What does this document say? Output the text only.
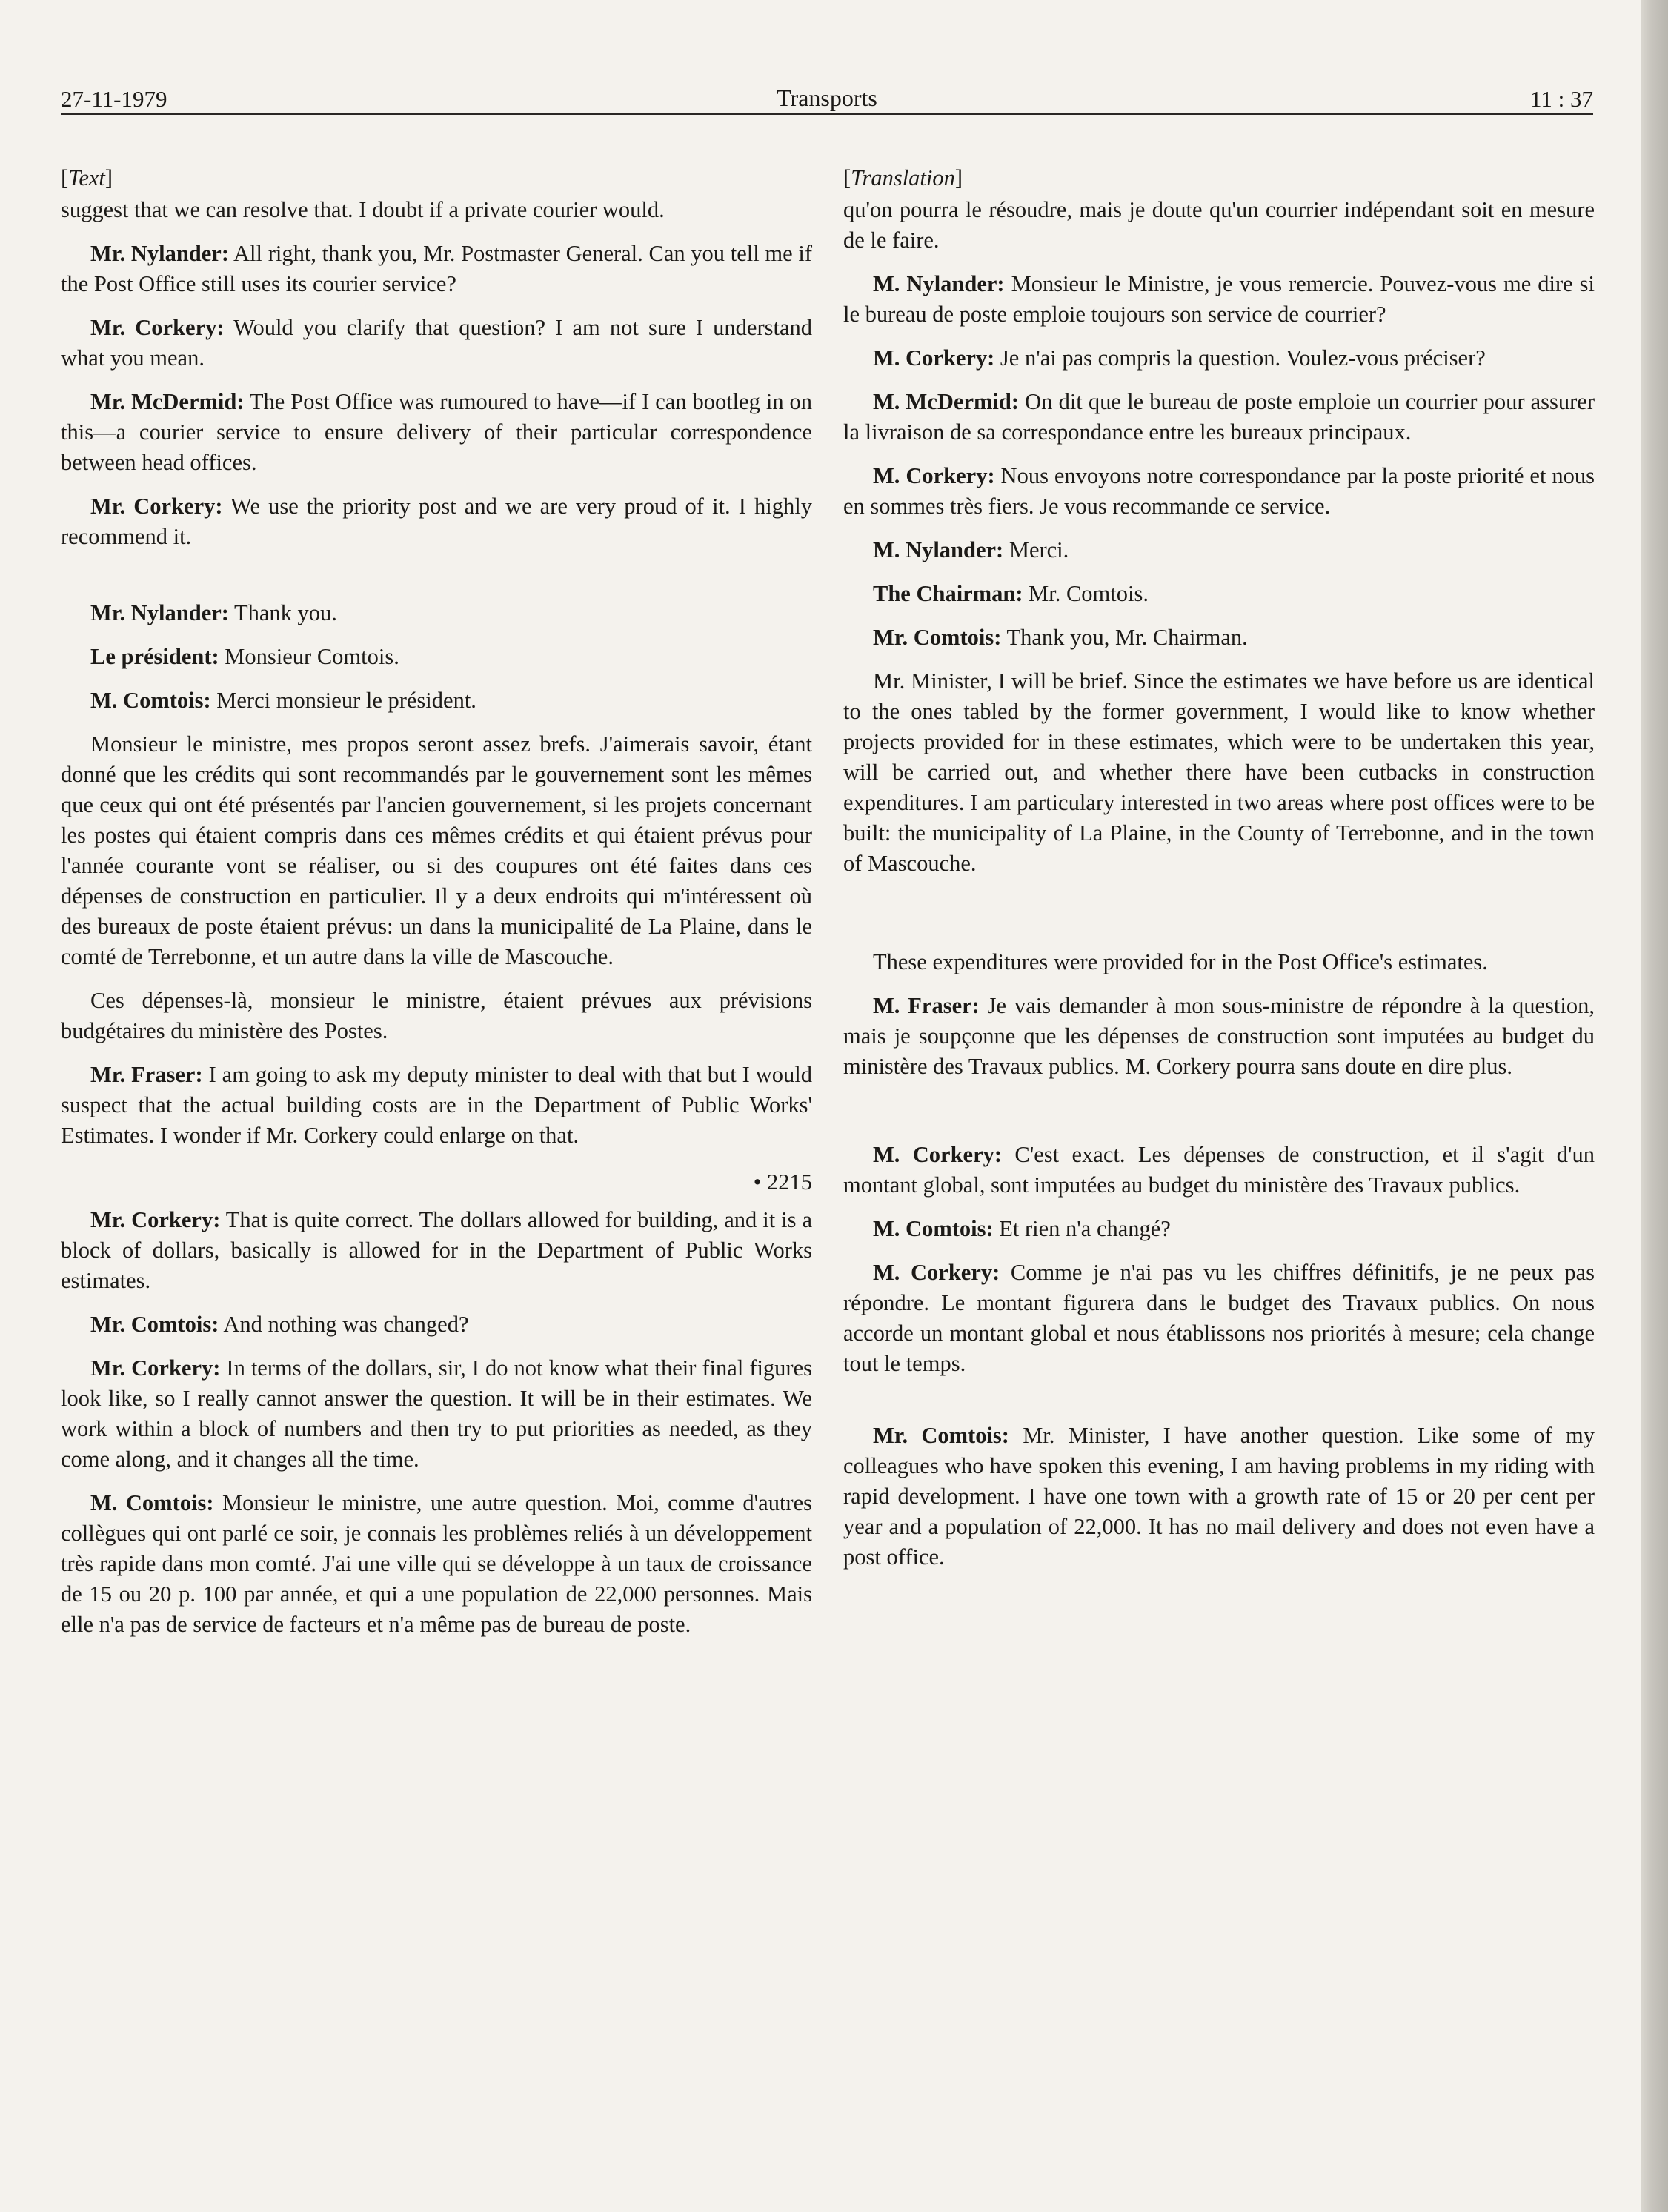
27-11-1979	Transports	11 : 37
[Text]

suggest that we can resolve that. I doubt if a private courier would.

Mr. Nylander: All right, thank you, Mr. Postmaster General. Can you tell me if the Post Office still uses its courier service?

Mr. Corkery: Would you clarify that question? I am not sure I understand what you mean.

Mr. McDermid: The Post Office was rumoured to have—if I can bootleg in on this—a courier service to ensure delivery of their particular correspondence between head offices.

Mr. Corkery: We use the priority post and we are very proud of it. I highly recommend it.

Mr. Nylander: Thank you.

Le président: Monsieur Comtois.

M. Comtois: Merci monsieur le président.

Monsieur le ministre, mes propos seront assez brefs. J'aimerais savoir, étant donné que les crédits qui sont recommandés par le gouvernement sont les mêmes que ceux qui ont été présentés par l'ancien gouvernement, si les projets concernant les postes qui étaient compris dans ces mêmes crédits et qui étaient prévus pour l'année courante vont se réaliser, ou si des coupures ont été faites dans ces dépenses de construction en particulier. Il y a deux endroits qui m'intéressent où des bureaux de poste étaient prévus: un dans la municipalité de La Plaine, dans le comté de Terrebonne, et un autre dans la ville de Mascouche.

Ces dépenses-là, monsieur le ministre, étaient prévues aux prévisions budgétaires du ministère des Postes.

Mr. Fraser: I am going to ask my deputy minister to deal with that but I would suspect that the actual building costs are in the Department of Public Works' Estimates. I wonder if Mr. Corkery could enlarge on that.

• 2215

Mr. Corkery: That is quite correct. The dollars allowed for building, and it is a block of dollars, basically is allowed for in the Department of Public Works estimates.

Mr. Comtois: And nothing was changed?

Mr. Corkery: In terms of the dollars, sir, I do not know what their final figures look like, so I really cannot answer the question. It will be in their estimates. We work within a block of numbers and then try to put priorities as needed, as they come along, and it changes all the time.

M. Comtois: Monsieur le ministre, une autre question. Moi, comme d'autres collègues qui ont parlé ce soir, je connais les problèmes reliés à un développement très rapide dans mon comté. J'ai une ville qui se développe à un taux de croissance de 15 ou 20 p. 100 par année, et qui a une population de 22,000 personnes. Mais elle n'a pas de service de facteurs et n'a même pas de bureau de poste.

[Translation]

qu'on pourra le résoudre, mais je doute qu'un courrier indépendant soit en mesure de le faire.

M. Nylander: Monsieur le Ministre, je vous remercie. Pouvez-vous me dire si le bureau de poste emploie toujours son service de courrier?

M. Corkery: Je n'ai pas compris la question. Voulez-vous préciser?

M. McDermid: On dit que le bureau de poste emploie un courrier pour assurer la livraison de sa correspondance entre les bureaux principaux.

M. Corkery: Nous envoyons notre correspondance par la poste priorité et nous en sommes très fiers. Je vous recommande ce service.

M. Nylander: Merci.

The Chairman: Mr. Comtois.

Mr. Comtois: Thank you, Mr. Chairman.

Mr. Minister, I will be brief. Since the estimates we have before us are identical to the ones tabled by the former government, I would like to know whether projects provided for in these estimates, which were to be undertaken this year, will be carried out, and whether there have been cutbacks in construction expenditures. I am particulary interested in two areas where post offices were to be built: the municipality of La Plaine, in the County of Terrebonne, and in the town of Mascouche.

These expenditures were provided for in the Post Office's estimates.

M. Fraser: Je vais demander à mon sous-ministre de répondre à la question, mais je soupçonne que les dépenses de construction sont imputées au budget du ministère des Travaux publics. M. Corkery pourra sans doute en dire plus.

M. Corkery: C'est exact. Les dépenses de construction, et il s'agit d'un montant global, sont imputées au budget du ministère des Travaux publics.

M. Comtois: Et rien n'a changé?

M. Corkery: Comme je n'ai pas vu les chiffres définitifs, je ne peux pas répondre. Le montant figurera dans le budget des Travaux publics. On nous accorde un montant global et nous établissons nos priorités à mesure; cela change tout le temps.

Mr. Comtois: Mr. Minister, I have another question. Like some of my colleagues who have spoken this evening, I am having problems in my riding with rapid development. I have one town with a growth rate of 15 or 20 per cent per year and a population of 22,000. It has no mail delivery and does not even have a post office.
